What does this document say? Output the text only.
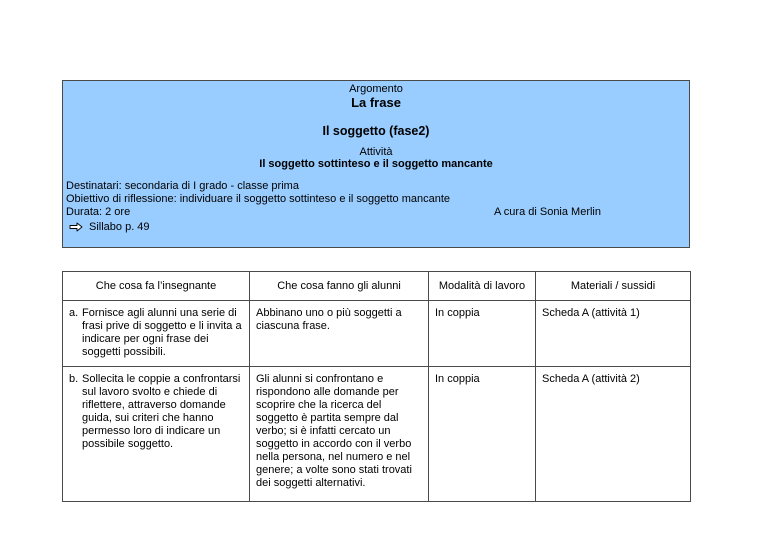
Argomento
La frase
Il soggetto (fase2)
Attività
Il soggetto sottinteso e il soggetto mancante
Destinatari: secondaria di I grado - classe prima
Obiettivo di riflessione: individuare il soggetto sottinteso e il soggetto mancante
Durata: 2 ore	A cura di Sonia Merlin
Sillabo p. 49
Che cosa fa l’insegnante	Che cosa fanno gli alunni	Modalità di lavoro	Materiali / sussidi

a. Fornisce agli alunni una serie di frasi prive di soggetto e li invita a indicare per ogni frase dei soggetti possibili.	Abbinano uno o più soggetti a ciascuna frase.	In coppia	Scheda A (attività 1)

b. Sollecita le coppie a confrontarsi sul lavoro svolto e chiede di riflettere, attraverso domande guida, sui criteri che hanno permesso loro di indicare un possibile soggetto.	Gli alunni si confrontano e rispondono alle domande per scoprire che la ricerca del soggetto è partita sempre dal verbo; si è infatti cercato un soggetto in accordo con il verbo nella persona, nel numero e nel genere; a volte sono stati trovati dei soggetti alternativi.	In coppia	Scheda A (attività 2)
